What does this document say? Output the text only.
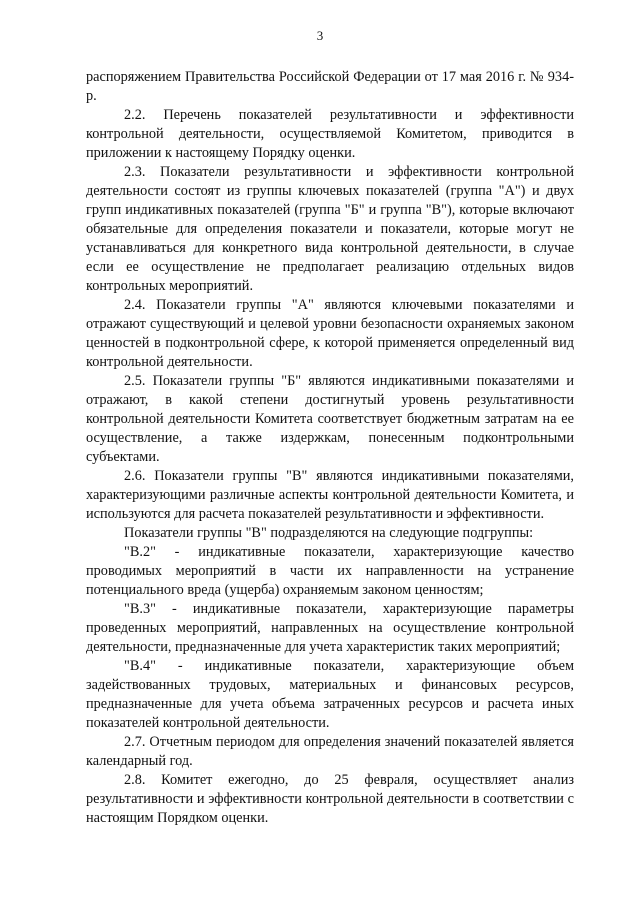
3

распоряжением Правительства Российской Федерации от 17 мая 2016 г. № 934-р.

2.2. Перечень показателей результативности и эффективности контрольной деятельности, осуществляемой Комитетом, приводится в приложении к настоящему Порядку оценки.

2.3. Показатели результативности и эффективности контрольной деятельности состоят из группы ключевых показателей (группа "А") и двух групп индикативных показателей (группа "Б" и группа "В"), которые включают обязательные для определения показатели и показатели, которые могут не устанавливаться для конкретного вида контрольной деятельности, в случае если ее осуществление не предполагает реализацию отдельных видов контрольных мероприятий.

2.4. Показатели группы "А" являются ключевыми показателями и отражают существующий и целевой уровни безопасности охраняемых законом ценностей в подконтрольной сфере, к которой применяется определенный вид контрольной деятельности.

2.5. Показатели группы "Б" являются индикативными показателями и отражают, в какой степени достигнутый уровень результативности контрольной деятельности Комитета соответствует бюджетным затратам на ее осуществление, а также издержкам, понесенным подконтрольными субъектами.

2.6. Показатели группы "В" являются индикативными показателями, характеризующими различные аспекты контрольной деятельности Комитета, и используются для расчета показателей результативности и эффективности.

Показатели группы "В" подразделяются на следующие подгруппы:

"В.2" - индикативные показатели, характеризующие качество проводимых мероприятий в части их направленности на устранение потенциального вреда (ущерба) охраняемым законом ценностям;

"В.3" - индикативные показатели, характеризующие параметры проведенных мероприятий, направленных на осуществление контрольной деятельности, предназначенные для учета характеристик таких мероприятий;

"В.4" - индикативные показатели, характеризующие объем задействованных трудовых, материальных и финансовых ресурсов, предназначенные для учета объема затраченных ресурсов и расчета иных показателей контрольной деятельности.

2.7. Отчетным периодом для определения значений показателей является календарный год.

2.8. Комитет ежегодно, до 25 февраля, осуществляет анализ результативности и эффективности контрольной деятельности в соответствии с настоящим Порядком оценки.
